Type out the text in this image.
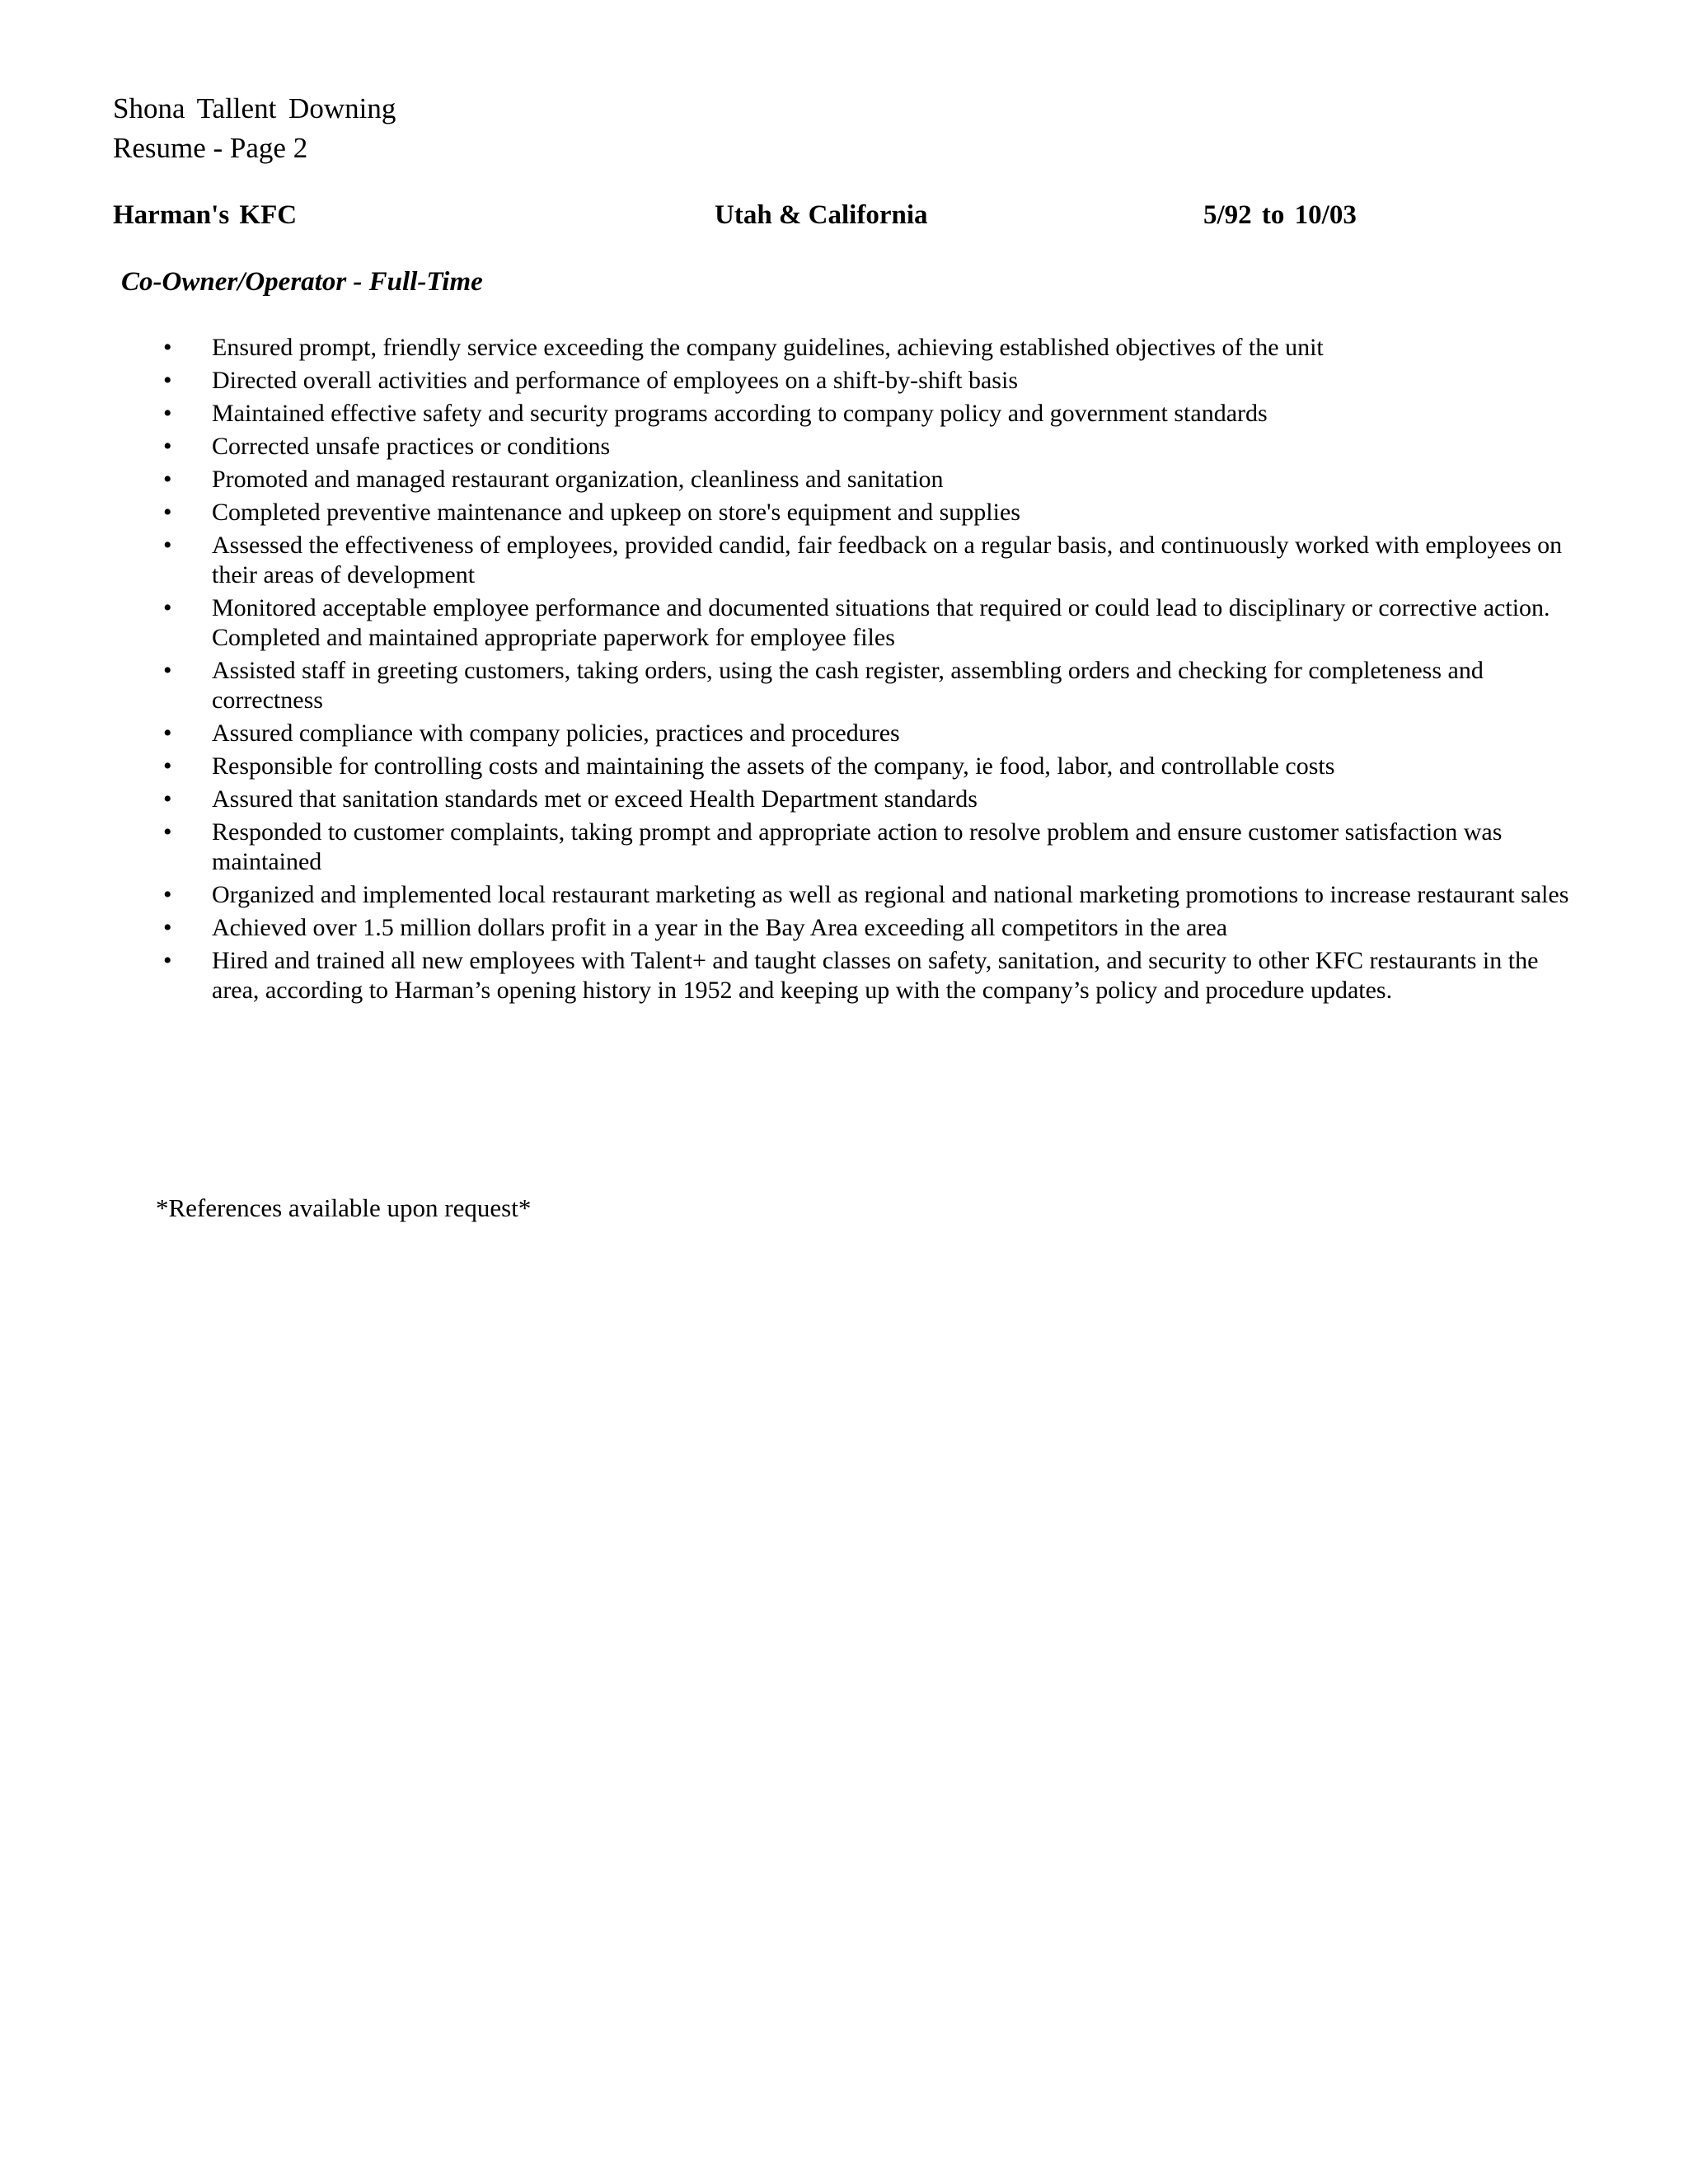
Shona Tallent Downing
Resume - Page 2
Harman's KFC	Utah & California	5/92 to 10/03
Co-Owner/Operator - Full-Time
• Ensured prompt, friendly service exceeding the company guidelines, achieving established objectives of the unit
• Directed overall activities and performance of employees on a shift-by-shift basis
• Maintained effective safety and security programs according to company policy and government standards
• Corrected unsafe practices or conditions
• Promoted and managed restaurant organization, cleanliness and sanitation
• Completed preventive maintenance and upkeep on store's equipment and supplies
• Assessed the effectiveness of employees, provided candid, fair feedback on a regular basis, and continuously worked with employees on their areas of development
• Monitored acceptable employee performance and documented situations that required or could lead to disciplinary or corrective action. Completed and maintained appropriate paperwork for employee files
• Assisted staff in greeting customers, taking orders, using the cash register, assembling orders and checking for completeness and correctness
• Assured compliance with company policies, practices and procedures
• Responsible for controlling costs and maintaining the assets of the company, ie food, labor, and controllable costs
• Assured that sanitation standards met or exceed Health Department standards
• Responded to customer complaints, taking prompt and appropriate action to resolve problem and ensure customer satisfaction was maintained
• Organized and implemented local restaurant marketing as well as regional and national marketing promotions to increase restaurant sales
• Achieved over 1.5 million dollars profit in a year in the Bay Area exceeding all competitors in the area
• Hired and trained all new employees with Talent+ and taught classes on safety, sanitation, and security to other KFC restaurants in the area, according to Harman’s opening history in 1952 and keeping up with the company’s policy and procedure updates.
*References available upon request*
